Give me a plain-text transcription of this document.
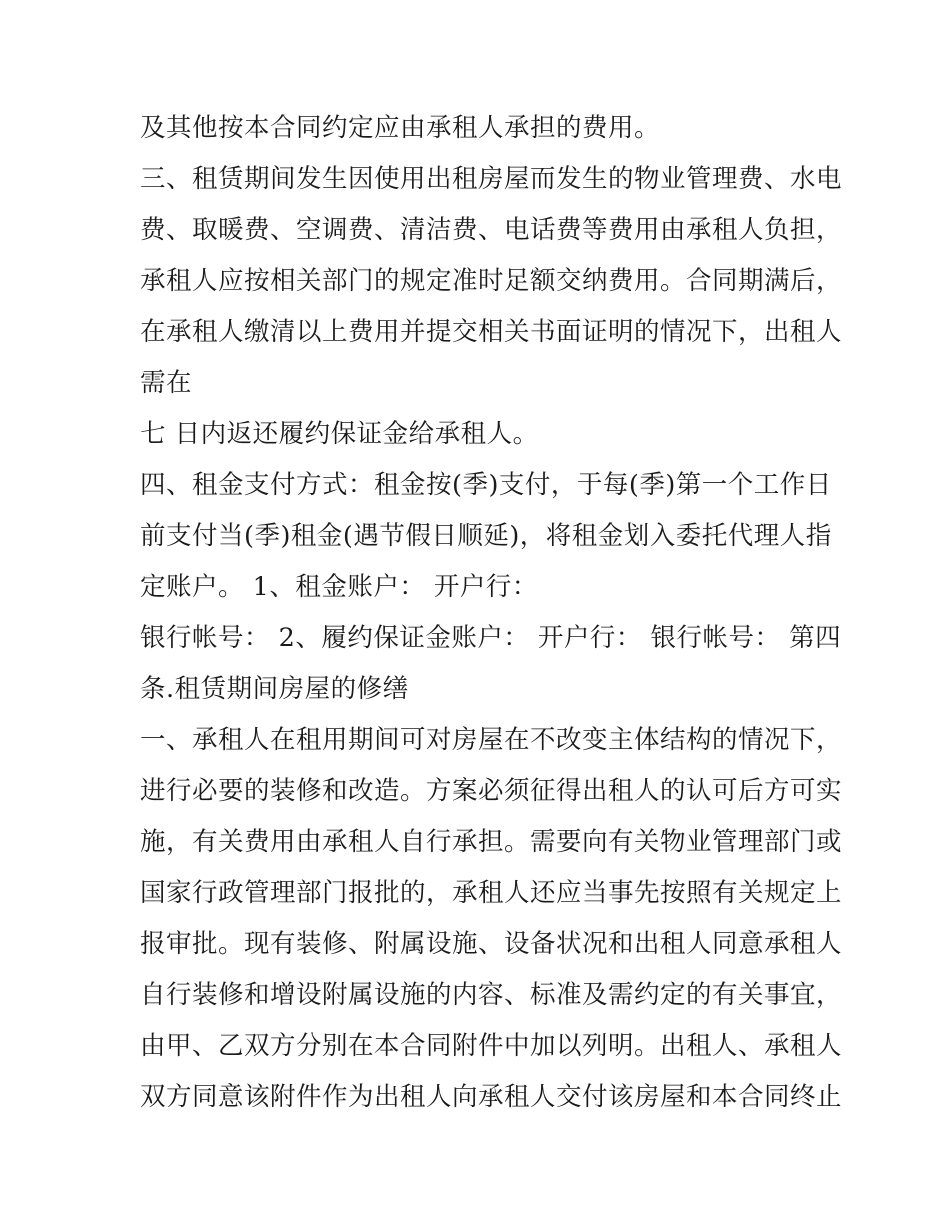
及其他按本合同约定应由承租人承担的费用。
三、租赁期间发生因使用出租房屋而发生的物业管理费、水电
费、取暖费、空调费、清洁费、电话费等费用由承租人负担，
承租人应按相关部门的规定准时足额交纳费用。合同期满后，
在承租人缴清以上费用并提交相关书面证明的情况下，出租人
需在
七 日内返还履约保证金给承租人。
四、租金支付方式：租金按(季)支付，于每(季)第一个工作日
前支付当(季)租金(遇节假日顺延)，将租金划入委托代理人指
定账户。 1、租金账户： 开户行：
银行帐号： 2、履约保证金账户： 开户行： 银行帐号： 第四
条.租赁期间房屋的修缮
一、承租人在租用期间可对房屋在不改变主体结构的情况下，
进行必要的装修和改造。方案必须征得出租人的认可后方可实
施，有关费用由承租人自行承担。需要向有关物业管理部门或
国家行政管理部门报批的，承租人还应当事先按照有关规定上
报审批。现有装修、附属设施、设备状况和出租人同意承租人
自行装修和增设附属设施的内容、标准及需约定的有关事宜，
由甲、乙双方分别在本合同附件中加以列明。出租人、承租人
双方同意该附件作为出租人向承租人交付该房屋和本合同终止
